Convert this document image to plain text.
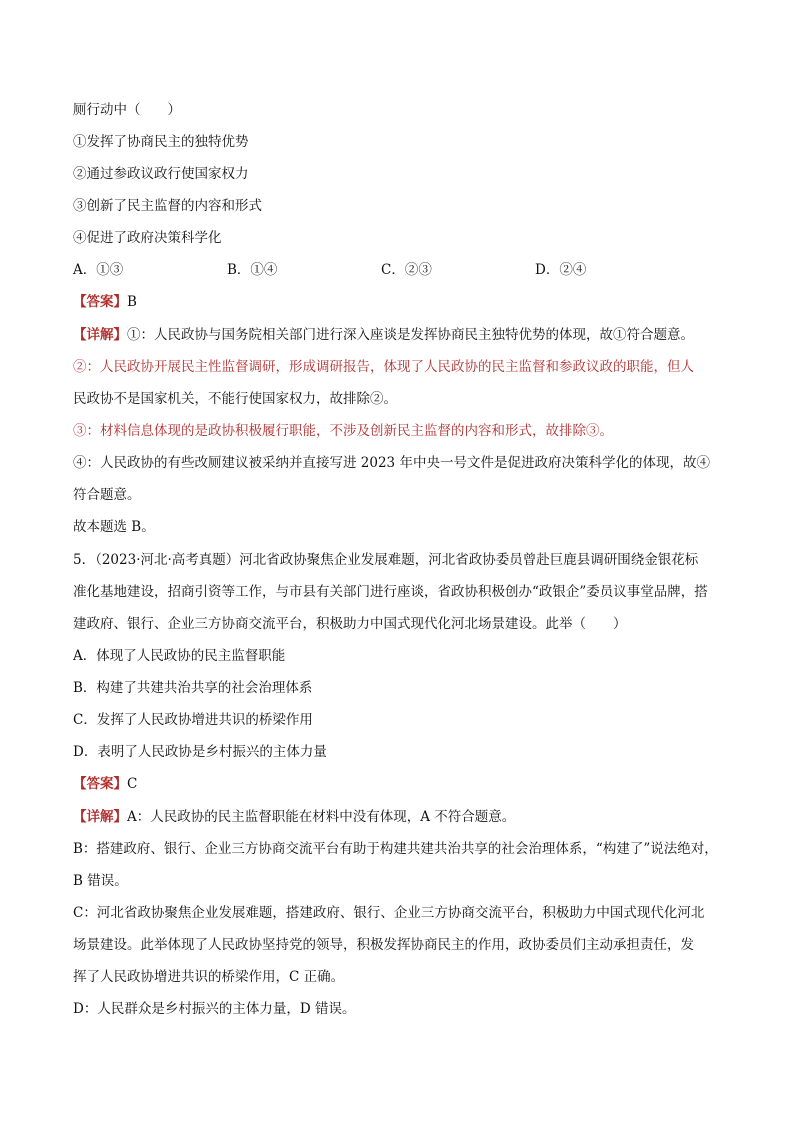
厕行动中（　　）
①发挥了协商民主的独特优势
②通过参政议政行使国家权力
③创新了民主监督的内容和形式
④促进了政府决策科学化
A．①③	B．①④	C．②③	D．②④
【答案】B
【详解】①：人民政协与国务院相关部门进行深入座谈是发挥协商民主独特优势的体现，故①符合题意。
②：人民政协开展民主性监督调研，形成调研报告，体现了人民政协的民主监督和参政议政的职能，但人
民政协不是国家机关，不能行使国家权力，故排除②。
③：材料信息体现的是政协积极履行职能，不涉及创新民主监督的内容和形式，故排除③。
④：人民政协的有些改厕建议被采纳并直接写进 2023 年中央一号文件是促进政府决策科学化的体现，故④
符合题意。
故本题选 B。
5．（2023·河北·高考真题）河北省政协聚焦企业发展难题，河北省政协委员曾赴巨鹿县调研围绕金银花标
准化基地建设，招商引资等工作，与市县有关部门进行座谈，省政协积极创办“政银企”委员议事堂品牌，搭
建政府、银行、企业三方协商交流平台，积极助力中国式现代化河北场景建设。此举（　　）
A．体现了人民政协的民主监督职能
B．构建了共建共治共享的社会治理体系
C．发挥了人民政协增进共识的桥梁作用
D．表明了人民政协是乡村振兴的主体力量
【答案】C
【详解】A：人民政协的民主监督职能在材料中没有体现，A 不符合题意。
B：搭建政府、银行、企业三方协商交流平台有助于构建共建共治共享的社会治理体系，“构建了”说法绝对，
B 错误。
C：河北省政协聚焦企业发展难题，搭建政府、银行、企业三方协商交流平台，积极助力中国式现代化河北
场景建设。此举体现了人民政协坚持党的领导，积极发挥协商民主的作用，政协委员们主动承担责任，发
挥了人民政协增进共识的桥梁作用，C 正确。
D：人民群众是乡村振兴的主体力量，D 错误。
